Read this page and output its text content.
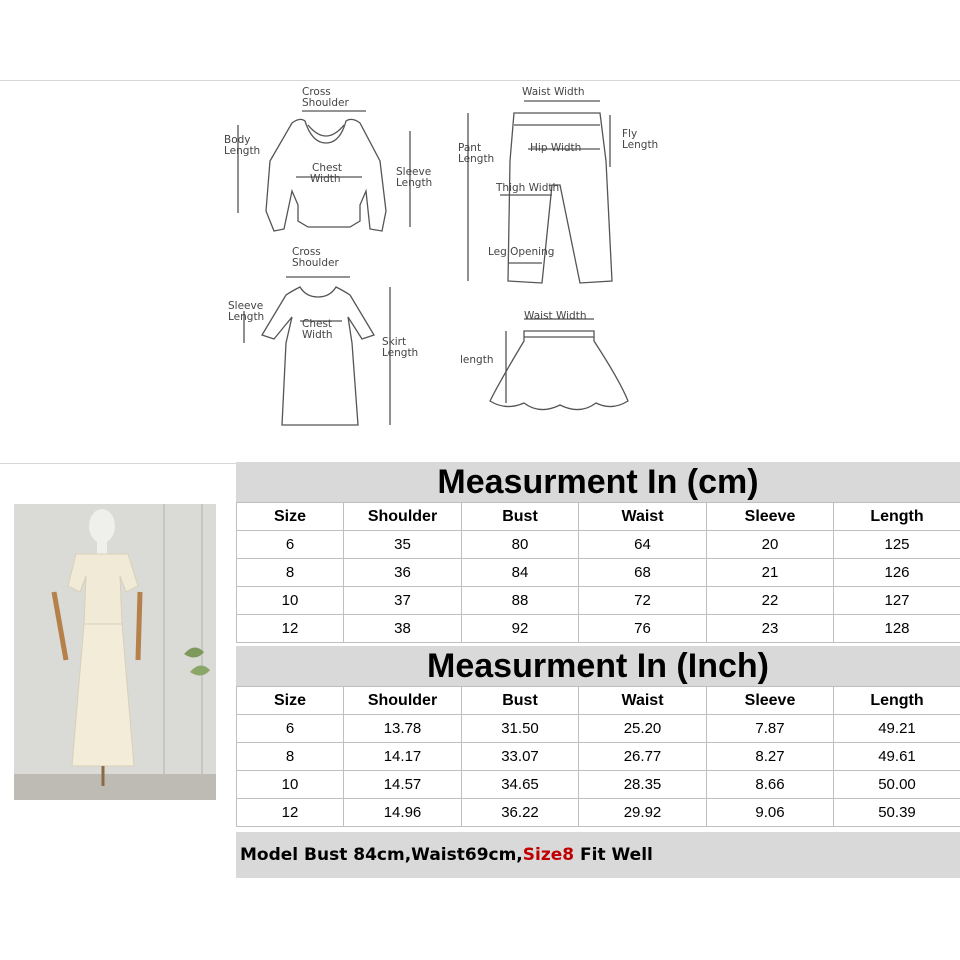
Cross
Shoulder
Body
Length
Chest
Width
Sleeve
Length
Waist Width
Pant
Length
Hip Width
Fly
Length
Thigh Width
Leg Opening
Cross
Shoulder
Sleeve
Length
Chest
Width
Skirt
Length
Waist Width
length
Measurment In (cm)
Size	Shoulder	Bust	Waist	Sleeve	Length
6	35	80	64	20	125
8	36	84	68	21	126
10	37	88	72	22	127
12	38	92	76	23	128
Measurment In (Inch)
Size	Shoulder	Bust	Waist	Sleeve	Length
6	13.78	31.50	25.20	7.87	49.21
8	14.17	33.07	26.77	8.27	49.61
10	14.57	34.65	28.35	8.66	50.00
12	14.96	36.22	29.92	9.06	50.39
Model Bust 84cm,Waist69cm, Size8 Fit Well
